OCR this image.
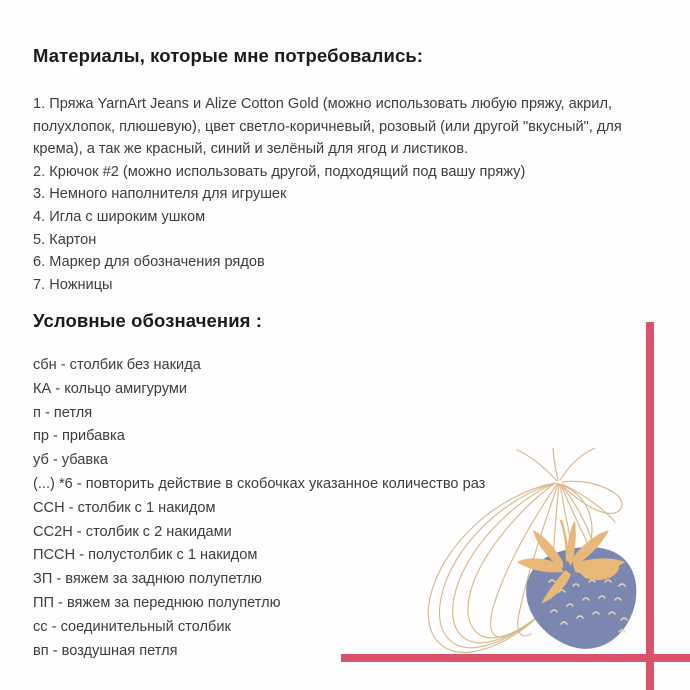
Материалы, которые мне потребовались:
1. Пряжа YarnArt Jeans и Alize Cotton Gold (можно использовать любую пряжу, акрил, полухлопок, плюшевую), цвет светло-коричневый, розовый (или другой "вкусный", для крема), а так же красный, синий и зелёный для ягод и листиков.
2. Крючок #2 (можно использовать другой, подходящий под вашу пряжу)
3. Немного наполнителя для игрушек
4. Игла с широким ушком
5. Картон
6. Маркер для обозначения рядов
7. Ножницы
Условные обозначения :
сбн - столбик без накида
КА - кольцо амигуруми
п - петля
пр - прибавка
уб - убавка
(...) *6 - повторить действие в скобочках указанное количество раз
ССН - столбик с 1 накидом
СС2Н - столбик с 2 накидами
ПССН - полустолбик с 1 накидом
ЗП - вяжем за заднюю полупетлю
ПП - вяжем за переднюю полупетлю
сс - соединительный столбик
вп - воздушная петля
